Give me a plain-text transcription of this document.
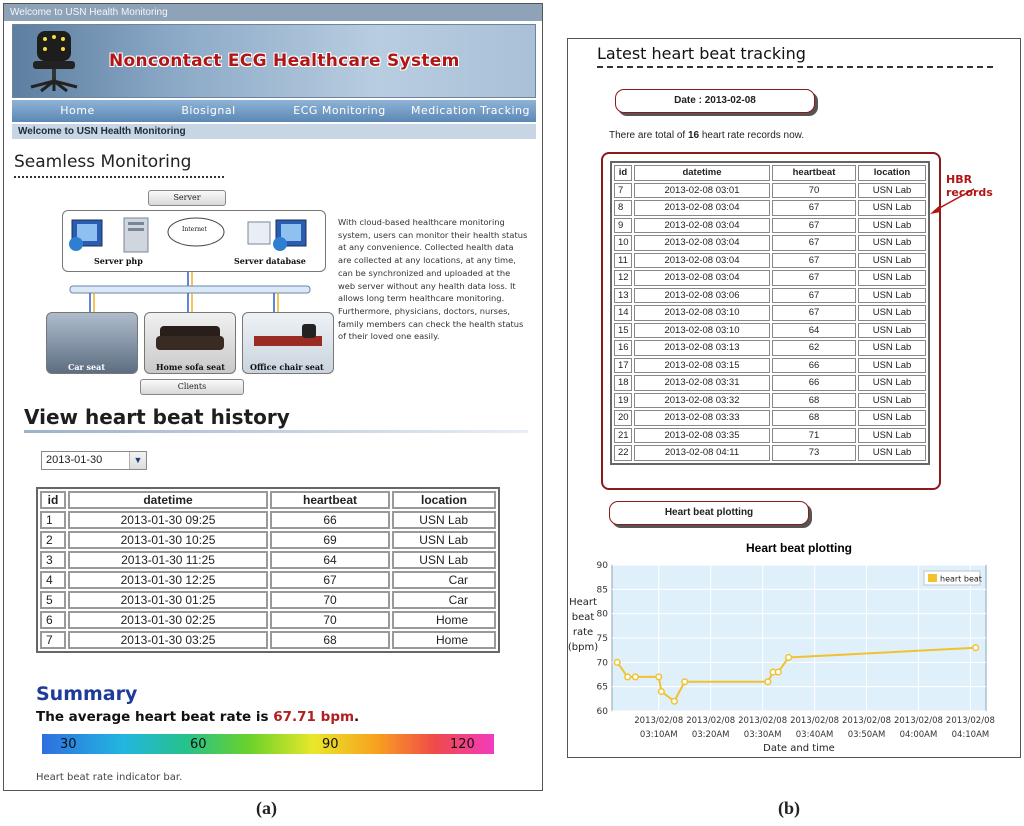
Welcome to USN Health Monitoring
Noncontact ECG Healthcare System
Home	Biosignal	ECG Monitoring	Medication Tracking
Welcome to USN Health Monitoring
Seamless Monitoring
Server
Server php
Internet
Server database
Car seat	Home sofa seat	Office chair seat
Clients
With cloud-based healthcare monitoring system, users can monitor their health status at any convenience. Collected health data are collected at any locations, at any time, can be synchronized and uploaded at the web server without any health data loss. It allows long term healthcare monitoring. Furthermore, physicians, doctors, nurses, family members can check the health status of their loved one easily.
View heart beat history
2013-01-30	▼
id	datetime	heartbeat	location
1	2013-01-30 09:25	66	USN Lab
2	2013-01-30 10:25	69	USN Lab
3	2013-01-30 11:25	64	USN Lab
4	2013-01-30 12:25	67	Car
5	2013-01-30 01:25	70	Car
6	2013-01-30 02:25	70	Home
7	2013-01-30 03:25	68	Home
Summary
The average heart beat rate is 67.71 bpm.
30	60	90	120
Heart beat rate indicator bar.
Latest heart beat tracking
Date : 2013-02-08
There are total of 16 heart rate records now.
id	datetime	heartbeat	location
7	2013-02-08 03:01	70	USN Lab
8	2013-02-08 03:04	67	USN Lab
9	2013-02-08 03:04	67	USN Lab
10	2013-02-08 03:04	67	USN Lab
11	2013-02-08 03:04	67	USN Lab
12	2013-02-08 03:04	67	USN Lab
13	2013-02-08 03:06	67	USN Lab
14	2013-02-08 03:10	67	USN Lab
15	2013-02-08 03:10	64	USN Lab
16	2013-02-08 03:13	62	USN Lab
17	2013-02-08 03:15	66	USN Lab
18	2013-02-08 03:31	66	USN Lab
19	2013-02-08 03:32	68	USN Lab
20	2013-02-08 03:33	68	USN Lab
21	2013-02-08 03:35	71	USN Lab
22	2013-02-08 04:11	73	USN Lab
HBR records
Heart beat plotting
Heart beat plotting
60
65
70
75
80
85
90
2013/02/08
03:10AM
2013/02/08
03:20AM
2013/02/08
03:30AM
2013/02/08
03:40AM
2013/02/08
03:50AM
2013/02/08
04:00AM
2013/02/08
04:10AM
Date and time
Heart
beat
rate
(bpm)
heart beat
(a)	(b)
